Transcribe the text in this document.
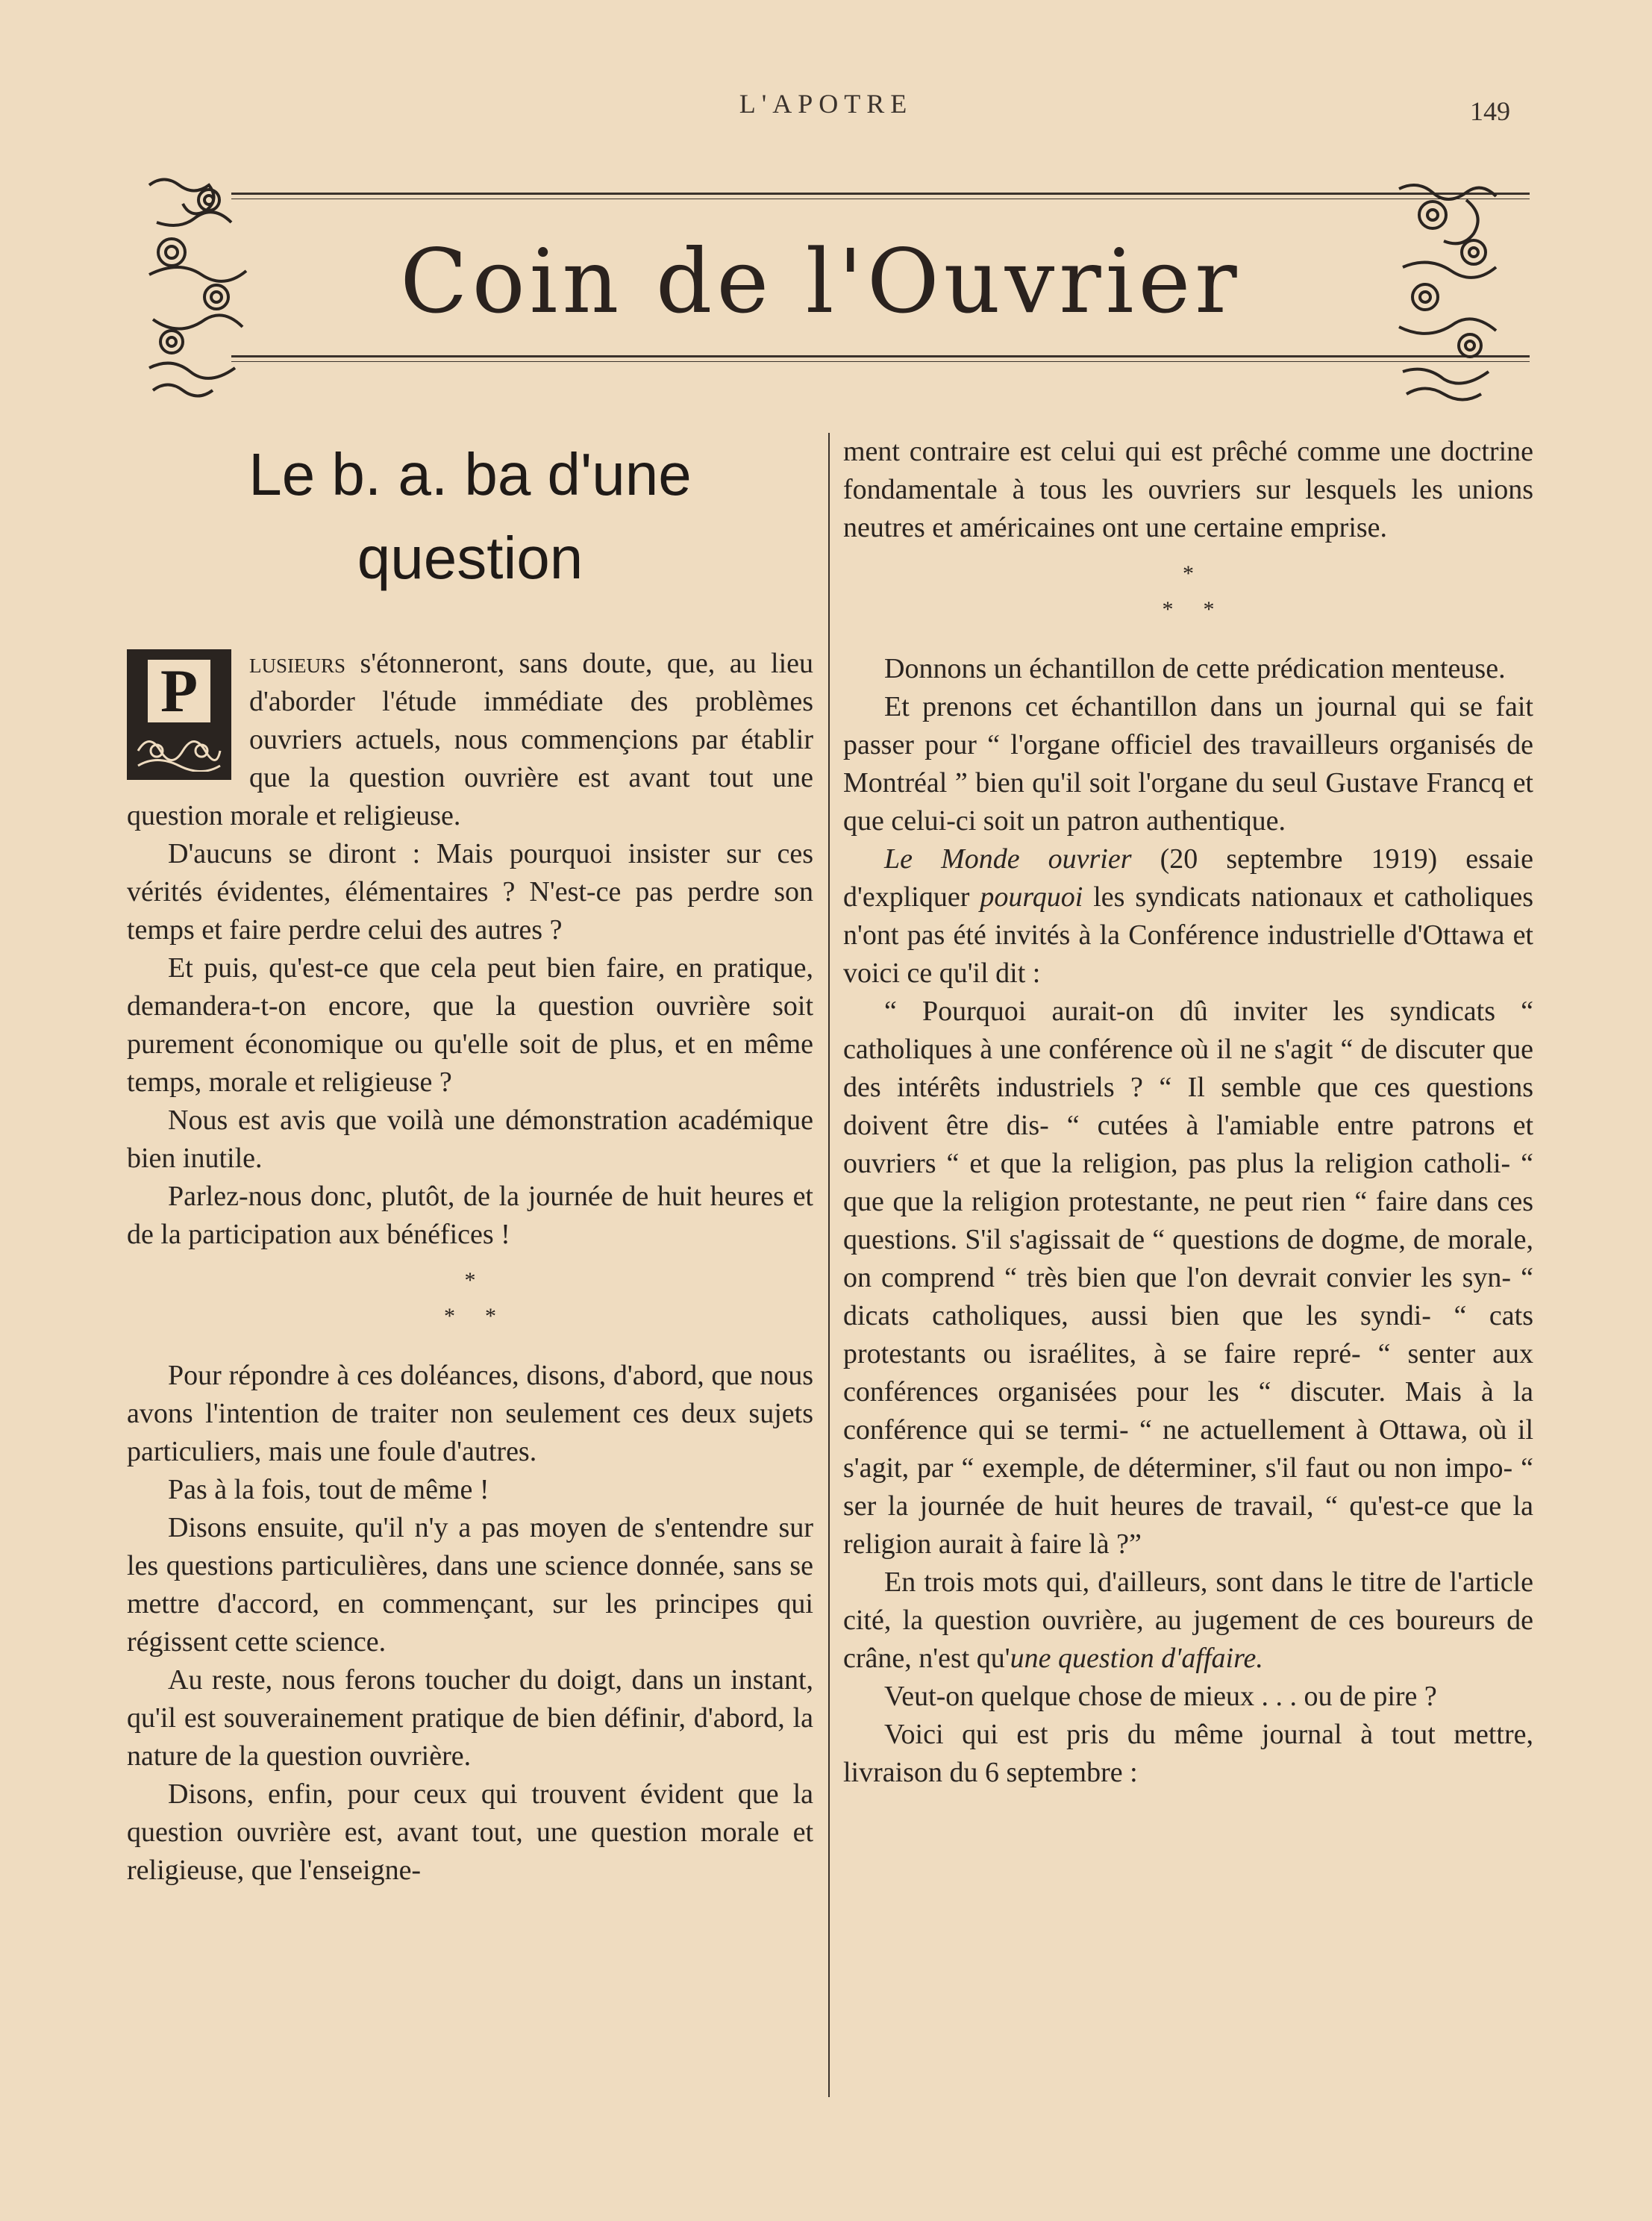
L'APOTRE	149
Coin de l'Ouvrier
Le b. a. ba d'une
question
P	lusieurs s'étonneront, sans doute, que, au lieu d'aborder l'étude immédiate des problèmes ouvriers actuels, nous commençions par établir que la question ouvrière est avant tout une question morale et religieuse.

D'aucuns se diront : Mais pourquoi insister sur ces vérités évidentes, élémentaires ? N'est-ce pas perdre son temps et faire perdre celui des autres ?

Et puis, qu'est-ce que cela peut bien faire, en pratique, demandera-t-on encore, que la question ouvrière soit purement économique ou qu'elle soit de plus, et en même temps, morale et religieuse ?

Nous est avis que voilà une démonstration académique bien inutile.

Parlez-nous donc, plutôt, de la journée de huit heures et de la participation aux bénéfices !

*
**

Pour répondre à ces doléances, disons, d'abord, que nous avons l'intention de traiter non seulement ces deux sujets particuliers, mais une foule d'autres.

Pas à la fois, tout de même !

Disons ensuite, qu'il n'y a pas moyen de s'entendre sur les questions particulières, dans une science donnée, sans se mettre d'accord, en commençant, sur les principes qui régissent cette science.

Au reste, nous ferons toucher du doigt, dans un instant, qu'il est souverainement pratique de bien définir, d'abord, la nature de la question ouvrière.

Disons, enfin, pour ceux qui trouvent évident que la question ouvrière est, avant tout, une question morale et religieuse, que l'enseigne-

ment contraire est celui qui est prêché comme une doctrine fondamentale à tous les ouvriers sur lesquels les unions neutres et américaines ont une certaine emprise.

*
**

Donnons un échantillon de cette prédication menteuse.

Et prenons cet échantillon dans un journal qui se fait passer pour “ l'organe officiel des travailleurs organisés de Montréal ” bien qu'il soit l'organe du seul Gustave Francq et que celui-ci soit un patron authentique.

Le Monde ouvrier (20 septembre 1919) essaie d'expliquer pourquoi les syndicats nationaux et catholiques n'ont pas été invités à la Conférence industrielle d'Ottawa et voici ce qu'il dit :

“ Pourquoi aurait-on dû inviter les syndicats “ catholiques à une conférence où il ne s'agit “ de discuter que des intérêts industriels ? “ Il semble que ces questions doivent être dis- “ cutées à l'amiable entre patrons et ouvriers “ et que la religion, pas plus la religion catholi- “ que que la religion protestante, ne peut rien “ faire dans ces questions. S'il s'agissait de “ questions de dogme, de morale, on comprend “ très bien que l'on devrait convier les syn- “ dicats catholiques, aussi bien que les syndi- “ cats protestants ou israélites, à se faire repré- “ senter aux conférences organisées pour les “ discuter. Mais à la conférence qui se termi- “ ne actuellement à Ottawa, où il s'agit, par “ exemple, de déterminer, s'il faut ou non impo- “ ser la journée de huit heures de travail, “ qu'est-ce que la religion aurait à faire là ?”

En trois mots qui, d'ailleurs, sont dans le titre de l'article cité, la question ouvrière, au jugement de ces boureurs de crâne, n'est qu'une question d'affaire.

Veut-on quelque chose de mieux . . . ou de pire ?

Voici qui est pris du même journal à tout mettre, livraison du 6 septembre :
